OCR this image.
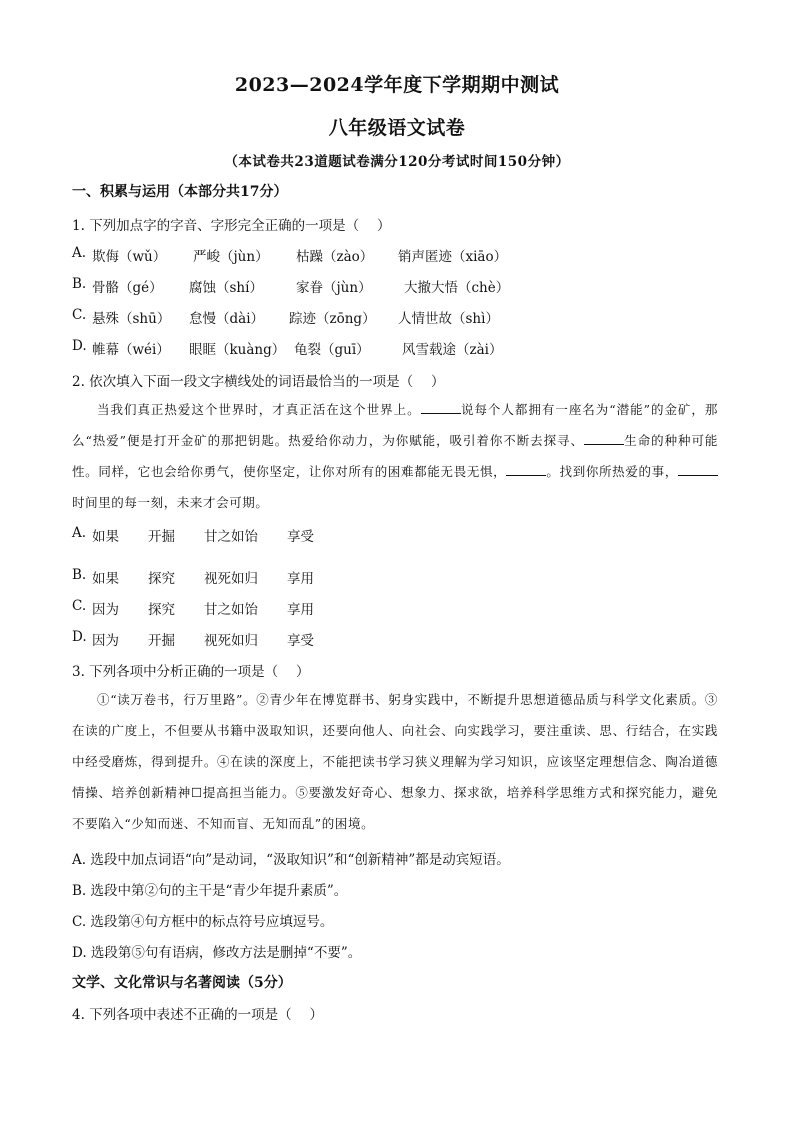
2023—2024学年度下学期期中测试
八年级语文试卷
（本试卷共23道题试卷满分120分考试时间150分钟）
一、积累与运用（本部分共17分）
1. 下列加点字的字音、字形完全正确的一项是（　 ）
A. 欺侮（wǔ） 严峻（jùn） 枯躁（zào） 销声匿迹（xiāo）
B. 骨骼（gé） 腐蚀（shí） 家眷（jùn） 大撤大悟（chè）
C. 悬殊（shū） 怠慢（dài） 踪迹（zōng） 人情世故（shì）
D. 帷幕（wéi） 眼眶（kuàng） 龟裂（guī） 风雪载途（zài）
2. 依次填入下面一段文字横线处的词语最恰当的一项是（　 ）
当我们真正热爱这个世界时，才真正活在这个世界上。	说每个人都拥有一座名为“潜能”的金矿，那么“热爱”便是打开金矿的那把钥匙。热爱给你动力，为你赋能，吸引着你不断去探寻、	生命的种种可能性。同样，它也会给你勇气，使你坚定，让你对所有的困难都能无畏无惧，	。找到你所热爱的事，时间里的每一刻，未来才会可期。
A. 如果 开掘 甘之如饴 享受
B. 如果 探究 视死如归 享用
C. 因为 探究 甘之如饴 享用
D. 因为 开掘 视死如归 享受
3. 下列各项中分析正确的一项是（　 ）
①“读万卷书，行万里路”。②青少年在博览群书、躬身实践中，不断提升思想道德品质与科学文化素质。③在读的广度上，不但要从书籍中汲取知识，还要向他人、向社会、向实践学习，要注重读、思、行结合，在实践中经受磨炼，得到提升。④在读的深度上，不能把读书学习狭义理解为学习知识，应该坚定理想信念、陶冶道德情操、培养创新精神☐提高担当能力。⑤要激发好奇心、想象力、探求欲，培养科学思维方式和探究能力，避免不要陷入“少知而迷、不知而盲、无知而乱”的困境。
A. 选段中加点词语“向”是动词，“汲取知识”和“创新精神”都是动宾短语。
B. 选段中第②句的主干是“青少年提升素质”。
C. 选段第④句方框中的标点符号应填逗号。
D. 选段第⑤句有语病，修改方法是删掉“不要”。
文学、文化常识与名著阅读（5分）
4. 下列各项中表述不正确的一项是（　 ）
